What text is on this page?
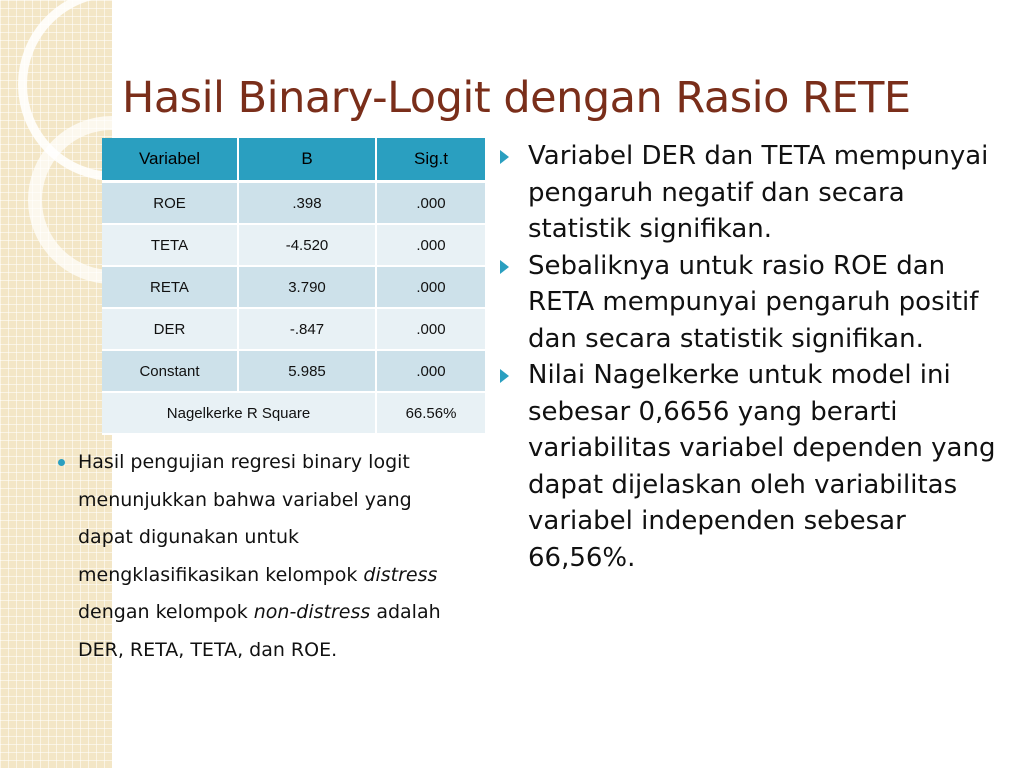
Hasil Binary-Logit dengan Rasio RETE
Variabel	B	Sig.t
ROE	.398	.000
TETA	-4.520	.000
RETA	3.790	.000
DER	-.847	.000
Constant	5.985	.000
Nagelkerke R Square		66.56%
Hasil pengujian regresi binary logit menunjukkan bahwa variabel yang dapat digunakan untuk mengklasifikasikan kelompok distress dengan kelompok non-distress adalah DER, RETA, TETA, dan ROE.
Variabel DER dan TETA mempunyai pengaruh negatif dan secara statistik signifikan.
Sebaliknya untuk rasio ROE dan RETA mempunyai pengaruh positif dan secara statistik signifikan.
Nilai Nagelkerke untuk model ini sebesar 0,6656 yang berarti variabilitas variabel dependen yang dapat dijelaskan oleh variabilitas variabel independen sebesar 66,56%.
